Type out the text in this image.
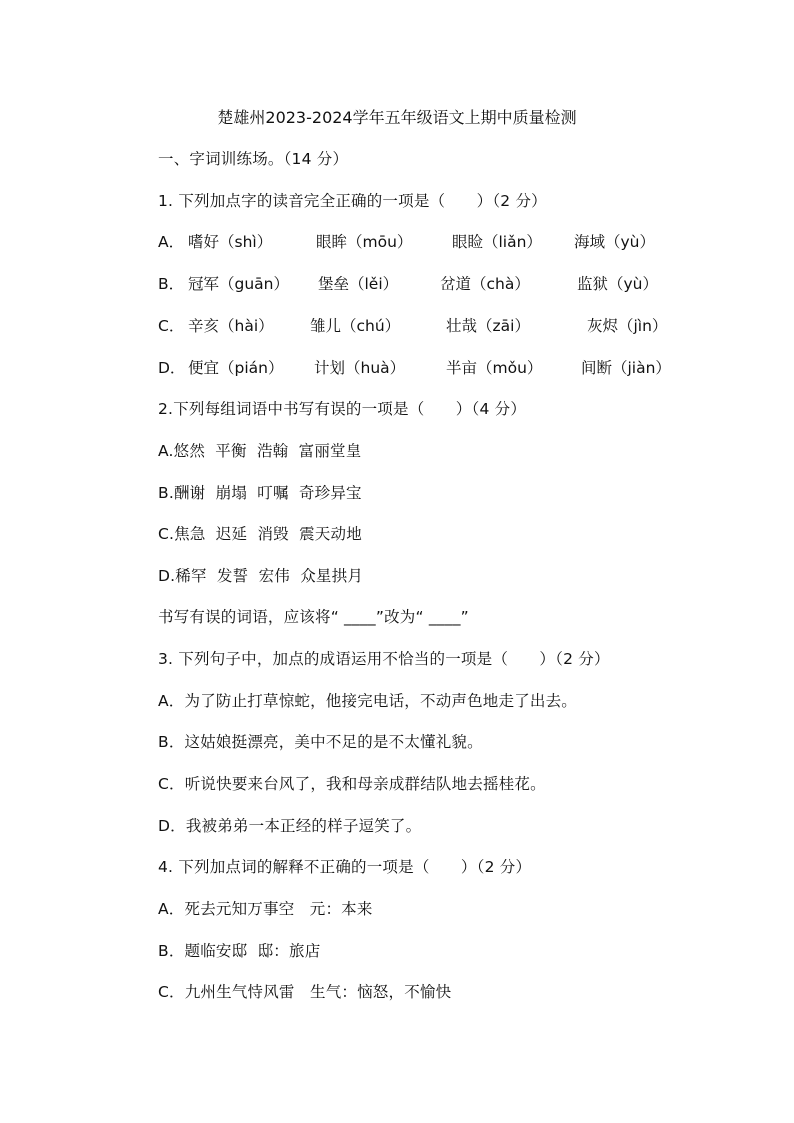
楚雄州2023-2024学年五年级语文上期中质量检测
一、字词训练场。（14 分）
1. 下列加点字的读音完全正确的一项是（　　）（2 分）
A． 嗜好（shì）	眼眸（mōu）	眼睑（liǎn） 海域（yù）
B． 冠军（guān） 堡垒（lěi）	岔道（chà）	监狱（yù）
C． 辛亥（hài） 雏儿（chú）	壮哉（zāi）	灰烬（jìn）
D． 便宜（pián） 计划（huà）	半亩（mǒu） 间断（jiàn）
2.下列每组词语中书写有误的一项是（　　）（4 分）
A.悠然  平衡  浩翰  富丽堂皇
B.酬谢  崩塌  叮嘱  奇珍异宝
C.焦急  迟延  消毁  震天动地
D.稀罕  发誓  宏伟  众星拱月
书写有误的词语，应该将“ ____”改为“ ____”
3. 下列句子中，加点的成语运用不恰当的一项是（　　）（2 分）
A．为了防止打草惊蛇，他接完电话，不动声色地走了出去。
B．这姑娘挺漂亮，美中不足的是不太懂礼貌。
C．听说快要来台风了，我和母亲成群结队地去摇桂花。
D．我被弟弟一本正经的样子逗笑了。
4. 下列加点词的解释不正确的一项是（　　）（2 分）
A．死去元知万事空   元：本来
B．题临安邸  邸：旅店
C．九州生气恃风雷   生气：恼怒，不愉快
